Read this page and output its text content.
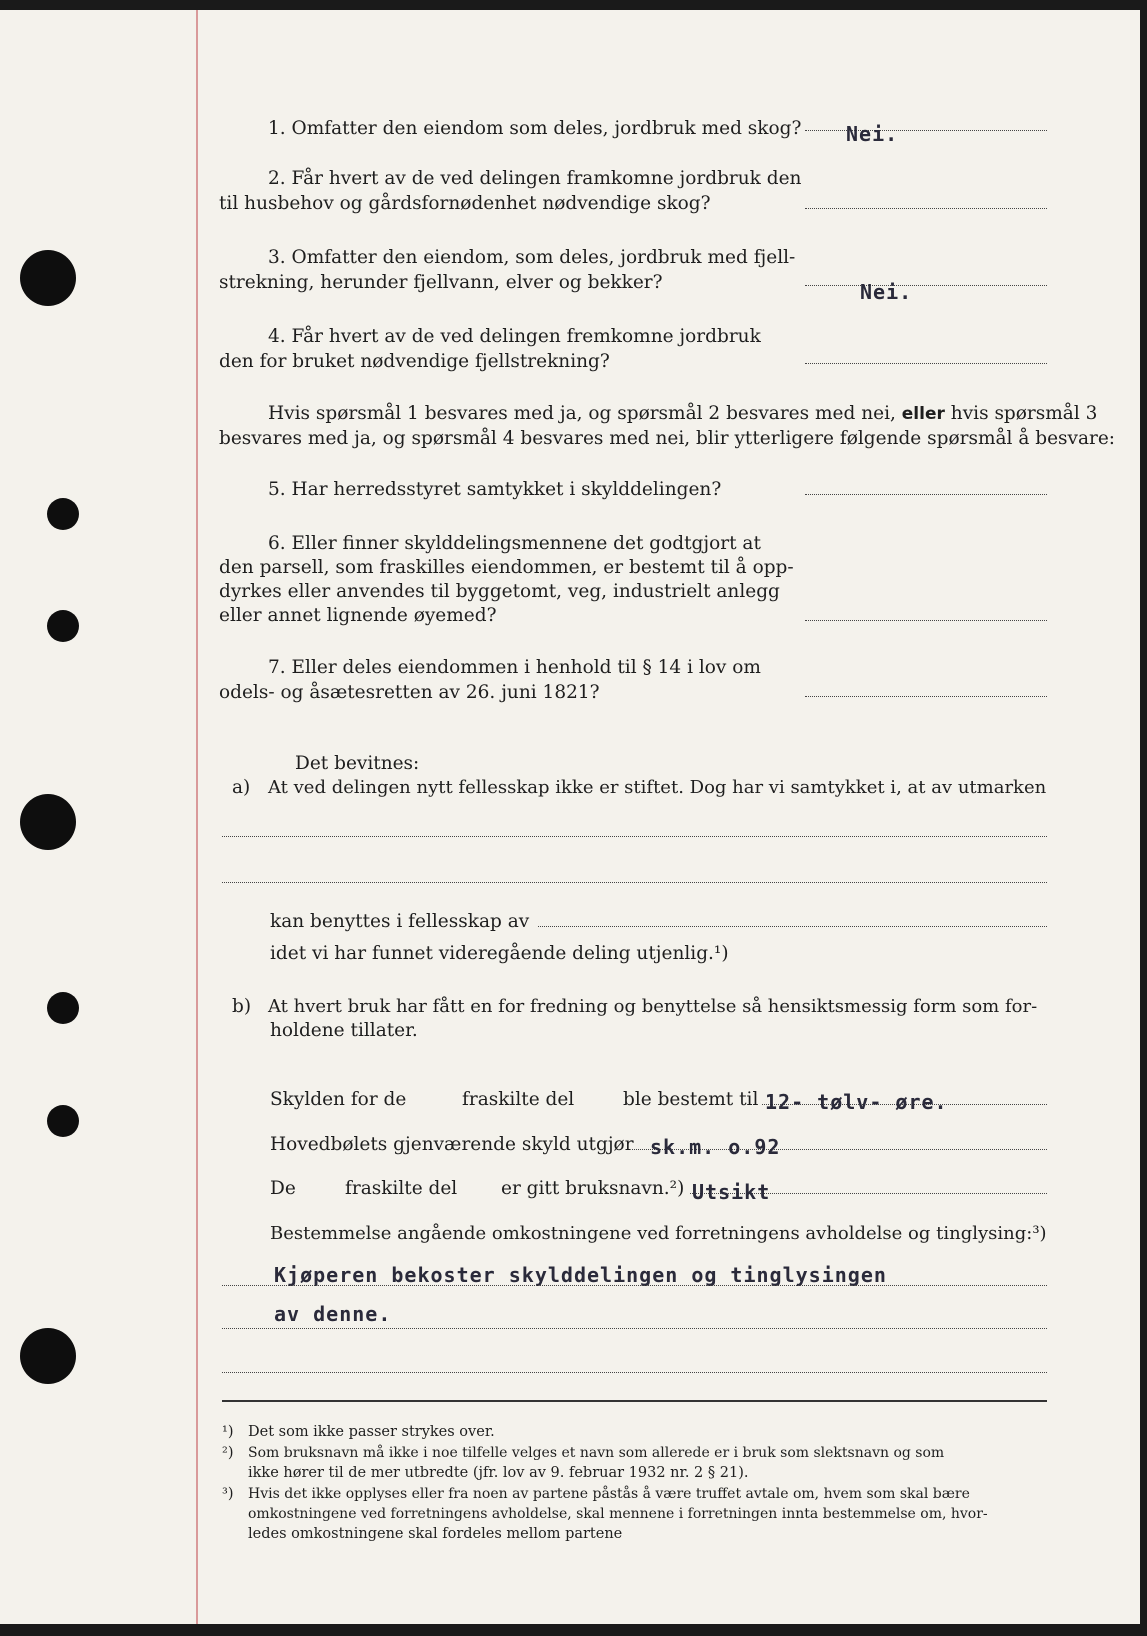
1. Omfatter den eiendom som deles, jordbruk med skog? Nei.
2. Får hvert av de ved delingen framkomne jordbruk den
til husbehov og gårdsfornødenhet nødvendige skog?
3. Omfatter den eiendom, som deles, jordbruk med fjell-
strekning, herunder fjellvann, elver og bekker?	Nei.
4. Får hvert av de ved delingen fremkomne jordbruk
den for bruket nødvendige fjellstrekning?
Hvis spørsmål 1 besvares med ja, og spørsmål 2 besvares med nei, eller hvis spørsmål 3
besvares med ja, og spørsmål 4 besvares med nei, blir ytterligere følgende spørsmål å besvare:
5. Har herredsstyret samtykket i skylddelingen?
6. Eller finner skylddelingsmennene det godtgjort at
den parsell, som fraskilles eiendommen, er bestemt til å opp-
dyrkes eller anvendes til byggetomt, veg, industrielt anlegg
eller annet lignende øyemed?
7. Eller deles eiendommen i henhold til § 14 i lov om
odels- og åsætesretten av 26. juni 1821?
Det bevitnes:
a) At ved delingen nytt fellesskap ikke er stiftet. Dog har vi samtykket i, at av utmarken
kan benyttes i fellesskap av
idet vi har funnet videregående deling utjenlig.¹)
b) At hvert bruk har fått en for fredning og benyttelse så hensiktsmessig form som for-
holdene tillater.
Skylden for de	fraskilte del	ble bestemt til 12- tølv- øre.
Hovedbølets gjenværende skyld utgjør sk.m. o.92
De	fraskilte del er gitt bruksnavn.²) Utsikt
Bestemmelse angående omkostningene ved forretningens avholdelse og tinglysing:³)
Kjøperen bekoster skylddelingen og tinglysingen
av denne.
¹) Det som ikke passer strykes over.
²) Som bruksnavn må ikke i noe tilfelle velges et navn som allerede er i bruk som slektsnavn og som
ikke hører til de mer utbredte (jfr. lov av 9. februar 1932 nr. 2 § 21).
³) Hvis det ikke opplyses eller fra noen av partene påstås å være truffet avtale om, hvem som skal bære
omkostningene ved forretningens avholdelse, skal mennene i forretningen innta bestemmelse om, hvor-
ledes omkostningene skal fordeles mellom partene
